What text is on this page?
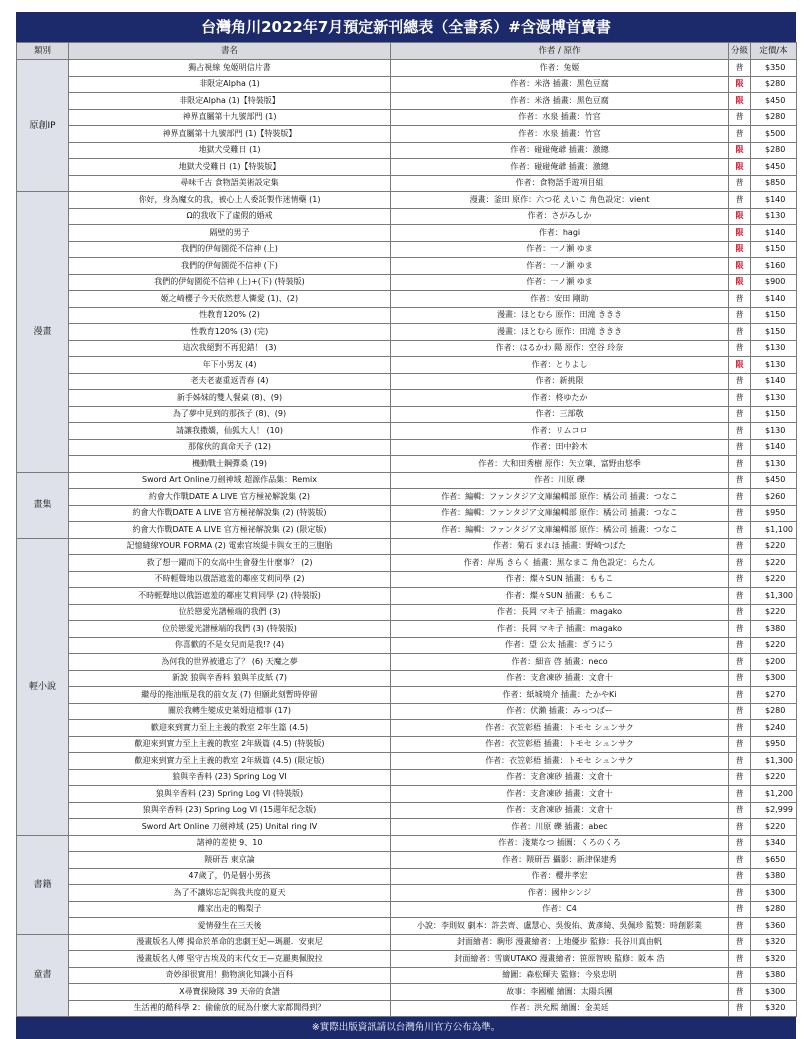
台灣角川2022年7月預定新刊總表（全書系）#含漫博首賣書
類別	書名	作者 / 原作	分級	定價/本
原創IP	獨占視線 兔姬明信片書	作者：兔姬	普	$350
	非限定Alpha (1)	作者：米洛 插畫：黑色豆腐	限	$280
	非限定Alpha (1)【特裝版】	作者：米洛 插畫：黑色豆腐	限	$450
	神界直屬第十九號部門 (1)	作者：水泉 插畫：竹官	普	$280
	神界直屬第十九號部門 (1)【特裝版】	作者：水泉 插畫：竹官	普	$500
	地獄犬受難日 (1)	作者：碰碰俺爺 插畫：激總	限	$280
	地獄犬受難日 (1)【特裝版】	作者：碰碰俺爺 插畫：激總	限	$450
	尋味千古 食物語美術設定集	作者：食物語手遊項目組	普	$850
漫畫	你好，身為魔女的我，被心上人委託製作迷情藥 (1)	漫畫：釜田 原作：六つ花 えいこ 角色設定：vient	普	$140
	Ω的我收下了虛假的婚戒	作者：さがみしか	限	$130
	隔壁的男子	作者：hagi	限	$140
	我們的伊甸園從不信神 (上)	作者：一ノ瀬 ゆま	限	$150
	我們的伊甸園從不信神 (下)	作者：一ノ瀬 ゆま	限	$160
	我們的伊甸園從不信神 (上)+(下) (特裝版)	作者：一ノ瀬 ゆま	限	$900
	姬之崎櫻子今天依然惹人憐愛 (1)、(2)	作者：安田 剛助	普	$140
	性教育120% (2)	漫畫：ほとむら 原作：田滝 ききき	普	$150
	性教育120% (3) (完)	漫畫：ほとむら 原作：田滝 ききき	普	$150
	這次我絕對不再犯錯！ (3)	作者：はるかわ 陽 原作：空谷 玲奈	普	$130
	年下小男友 (4)	作者：とりよし	限	$130
	老夫老妻重返青春 (4)	作者：新挑限	普	$140
	新手姊妹的雙人餐桌 (8)、(9)	作者：柊ゆたか	普	$130
	為了夢中見到的那孩子 (8)、(9)	作者：三部敬	普	$150
	請讓我撒嬌，仙狐大人！ (10)	作者：リムコロ	普	$130
	那傢伙的真命天子 (12)	作者：田中鈴木	普	$140
	機動戰士鋼彈桑 (19)	作者：大和田秀樹 原作：矢立肇、富野由悠季	普	$130
畫集	Sword Art Online刀劍神域 超源作品集：Remix	作者：川原 礫	普	$450
	約會大作戰DATE A LIVE 官方極祕解說集 (2)	作者：編輯：ファンタジア文庫編輯部 原作：橘公司 插畫：つなこ	普	$260
	約會大作戰DATE A LIVE 官方極祕解說集 (2) (特裝版)	作者：編輯：ファンタジア文庫編輯部 原作：橘公司 插畫：つなこ	普	$950
	約會大作戰DATE A LIVE 官方極祕解說集 (2) (限定版)	作者：編輯：ファンタジア文庫編輯部 原作：橘公司 插畫：つなこ	普	$1,100
輕小說	記憶縫線YOUR FORMA (2) 電索官埃緹卡與女王的三胞胎	作者：菊石 まれほ 插畫：野崎つばた	普	$220
	救了想一躍而下的女高中生會發生什麼事？ (2)	作者：岸馬 きらく 插畫：黒なまこ 角色設定：らたん	普	$220
	不時輕聲地以俄語遮羞的鄰座艾莉同學 (2)	作者：燦々SUN 插畫：ももこ	普	$220
	不時輕聲地以俄語遮羞的鄰座艾莉同學 (2) (特裝版)	作者：燦々SUN 插畫：ももこ	普	$1,300
	位於戀愛光譜極端的我們 (3)	作者：長岡 マキ子 插畫：magako	普	$220
	位於戀愛光譜極端的我們 (3) (特裝版)	作者：長岡 マキ子 插畫：magako	普	$380
	你喜歡的不是女兒而是我!? (4)	作者：望 公太 插畫：ぎうにう	普	$220
	為何我的世界被遺忘了？ (6) 天魔之夢	作者：細音 啓 插畫：neco	普	$200
	新說 狼與辛香料 狼與羊皮紙 (7)	作者：支倉凍砂 插畫：文倉十	普	$300
	繼母的拖油瓶是我的前女友 (7) 但願此刻暫時停留	作者：紙城境介 插畫：たかやKi	普	$270
	關於我轉生變成史萊姆這檔事 (17)	作者：伏瀨 插畫：みっつばー	普	$280
	歡迎來到實力至上主義的教室 2年生篇 (4.5)	作者：衣笠彰梧 插畫：トモセ シュンサク	普	$240
	歡迎來到實力至上主義的教室 2年級篇 (4.5) (特裝版)	作者：衣笠彰梧 插畫：トモセ シュンサク	普	$950
	歡迎來到實力至上主義的教室 2年級篇 (4.5) (限定版)	作者：衣笠彰梧 插畫：トモセ シュンサク	普	$1,300
	狼與辛香料 (23) Spring Log VI	作者：支倉凍砂 插畫：文倉十	普	$220
	狼與辛香料 (23) Spring Log VI (特裝版)	作者：支倉凍砂 插畫：文倉十	普	$1,200
	狼與辛香料 (23) Spring Log VI (15週年紀念版)	作者：支倉凍砂 插畫：文倉十	普	$2,999
	Sword Art Online 刀劍神域 (25) Unital ring IV	作者：川原 礫 插畫：abec	普	$220
書籍	諸神的差使 9、10	作者：淺葉なつ 插圖：くろのくろ	普	$340
	隈研吾 東京論	作者：隈研吾 攝影：新津保建秀	普	$650
	47歲了，仍是個小男孩	作者：櫻井孝宏	普	$380
	為了不讓妳忘記與我共度的夏天	作者：國仲シンジ	普	$300
	離家出走的鴨梨子	作者：C4	普	$280
	愛情發生在三天後	小說：李則奴 劇本：許芸齊、盧慧心、吳俊佑、黃彥綺、吳佩珍 監製：時創影業	普	$360
童書	漫畫版名人傳 揭命於革命的悲劇王妃—瑪麗．安東尼	封面繪者：駒形 漫畫繪者：上地優步 監修：長谷川真由帆	普	$320
	漫畫版名人傳 堅守古埃及的末代女王—克麗奧佩脫拉	封面繪者：雪廣UTAKO 漫畫繪者：笹原智映 監修：阪本 浩	普	$320
	奇妙卻很實用！動物演化知識小百科	繪圖：森松輝夫 監修：今泉忠明	普	$380
	X尋寶探險隊 39 天帝的食譜	故事：李國權 繪圖：太陽兵團	普	$300
	生活裡的酷科學 2：偷偷放的屁為什麼大家都聞得到？	作者：洪允熙 繪圖：金美廷	普	$320
※實際出版資訊請以台灣角川官方公布為準。
